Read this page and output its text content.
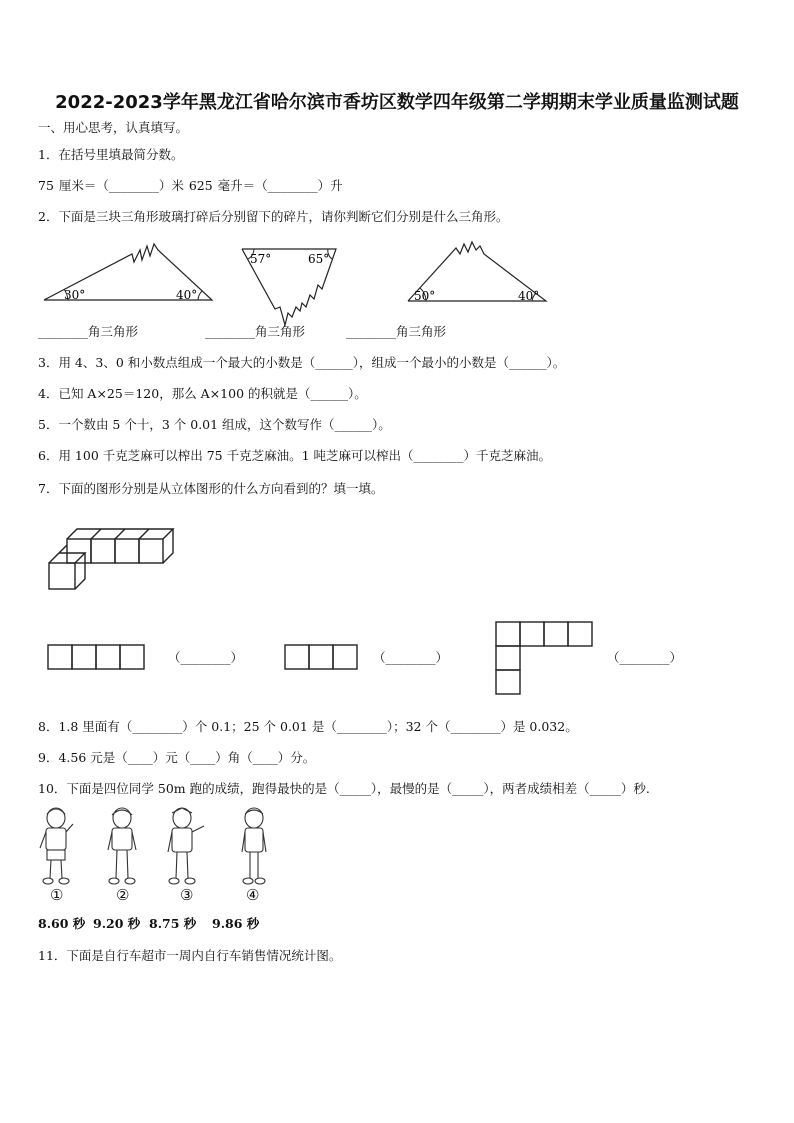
2022-2023学年黑龙江省哈尔滨市香坊区数学四年级第二学期期末学业质量监测试题
一、用心思考，认真填写。
1．在括号里填最简分数。
75 厘米＝（________）米 625 毫升＝（________）升
2．下面是三块三角形玻璃打碎后分别留下的碎片，请你判断它们分别是什么三角形。
30°	40°
57°	65°
50°	40°
________角三角形	________角三角形	________角三角形
3．用 4、3、0 和小数点组成一个最大的小数是（______），组成一个最小的小数是（______）。
4．已知 A×25＝120，那么 A×100 的积就是（______）。
5．一个数由 5 个十，3 个 0.01 组成，这个数写作（______）。
6．用 100 千克芝麻可以榨出 75 千克芝麻油。1 吨芝麻可以榨出（________）千克芝麻油。
7．下面的图形分别是从立体图形的什么方向看到的？填一填。
（________）	（________）	（________）
8．1.8 里面有（________）个 0.1；25 个 0.01 是（________）；32 个（________）是 0.032。
9．4.56 元是（____）元（____）角（____）分。
10．下面是四位同学 50m 跑的成绩，跑得最快的是（_____），最慢的是（_____），两者成绩相差（_____）秒.
①	②	③	④
8.60 秒 9.20 秒 8.75 秒 9.86 秒
11．下面是自行车超市一周内自行车销售情况统计图。
